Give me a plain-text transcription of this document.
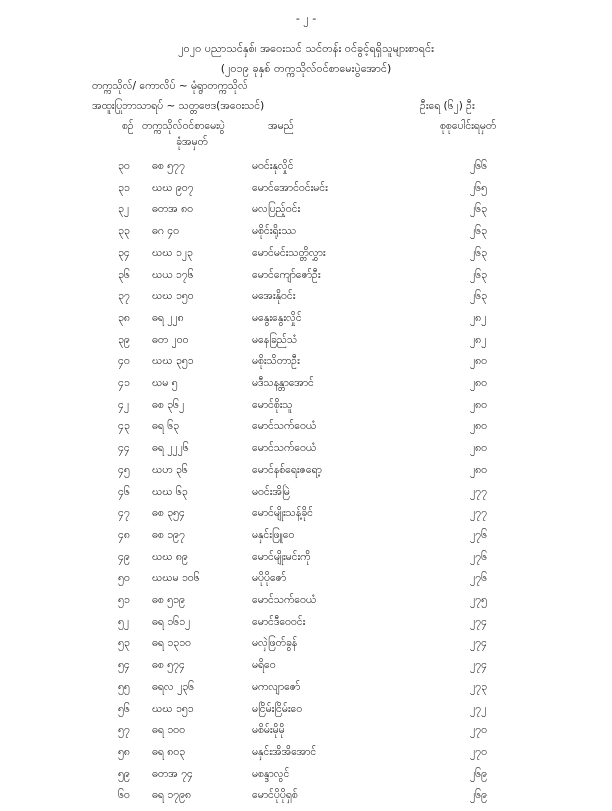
- ၂ -
၂၀၂၀ ပညာသင်နှစ်၊ အဝေးသင် သင်တန်း ဝင်ခွင့်ရရှိသူများစာရင်း
(၂၀၁၉ ခုနှစ် တက္ကသိုလ်ဝင်စာမေးပွဲအောင်)
တက္ကသိုလ်/ ကောလိပ် ~ မုံရွာတက္ကသိုလ်
အထူးပြုဘာသာရပ် ~ သတ္တဗေဒ(အဝေးသင်)	ဦးရေ (၆၂) ဦး
စဉ် တက္ကသိုလ်ဝင်စာမေးပွဲ
ခုံအမှတ်
အမည်	စုစုပေါင်းရမှတ်
၃၀ ဓစ ၅၇၇	မဝင်းနုလှိုင်	၂၆၆
၃၁ ဃဃ ၉၀၇	မောင်အောင်ဝင်းမင်း	၂၆၅
၃၂ ဓတအ ၈၀	မလပြည့်ဝင်း	၂၆၃
၃၃ ဓဂ ၄၀	မစိုင်းရိုးဿ	၂၆၃
၃၄ ဃဃ ၁၂၃	မောင်မင်းသတ္တိလွှား	၂၆၃
၃၆ ဃယ ၁၇၆	မောင်ကျော်ဇော်ဦး	၂၆၃
၃၇ ဃဃ ၁၅၀	မအေးနိုဝင်း	၂၆၃
၃၈ ဓရ ၂၂၈	မနွေးနွေးလှိုင်	၂၈၂
၃၉ ဓတ ၂၀၀	မနေခြည်သံ	၂၈၂
၄၀ ဃဃ ၃၅၁	မစိုးသိတာဦး	၂၈၀
၄၁ ဃမ ၅	မဒီသနန္တာအောင်	၂၈၀
၄၂ ဓစ ၃၆၂	မောင်စိုးသူ	၂၈၀
၄၃ ဓရ ၆၃	မောင်သက်ဝေယံ	၂၈၀
၄၄ ဓရ ၂၂၂၆	မောင်သက်ဝေယံ	၂၈၀
၄၅ ဃဟ ၃၆	မောင်နစ်ရေးဇရော့	၂၈၀
၄၆ ဃဃ ၆၃	မဝင်းအိမြဲ	၂၇၇
၄၇ ဓစ ၃၅၄	မောင်မျိုးသန့်ခိုင်	၂၇၇
၄၈ ဓစ ၁၉၇	မနှင်းဖြူဝေ	၂၇၆
၄၉ ဃဃ ၈၉	မောင်မျိုးမင်းကို	၂၇၆
၅၀ ဃဃမ ၁၀၆	မပိုပိုဇော်	၂၇၆
၅၁ ဓစ ၅၁၉	မောင်သက်ဝေယံ	၂၇၅
၅၂ ဓရ ၁၆၁၂	မောင်ဒီဝေဝင်း	၂၇၄
၅၃ ဓရ ၁၃၁၀	မလှဲဖြတ်ခွန်	၂၇၄
၅၄ ဓစ ၅၇၄	မရိဝေ	၂၇၄
၅၅ ဓရလ ၂၃၆	မကလျာဇော်	၂၇၃
၅၆ ဃဃ ၁၅၁	မငြိမ်းငြိမ်းဝေ	၂၇၂
၅၇ ဓရ ၁၀၀	မစိမ်းမိုမို	၂၇၀
၅၈ ဓရ ၈၀၃	မနှင်းအိအိအောင်	၂၇၀
၅၉ ဓတအ ၇၄	မစန္ဒာလွင်	၂၆၉
၆၀ ဓရ ၁၇၉၈	မောင်ပိုပိုရှစ်	၂၆၉
